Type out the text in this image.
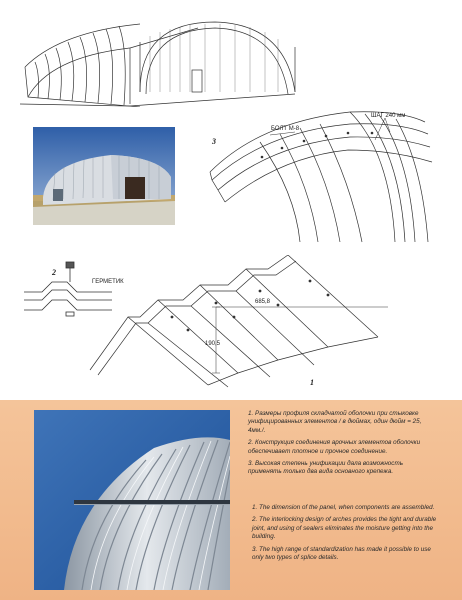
3
БОЛТ М-8
ШАГ 240 мм
2
ГЕРМЕТИК
685,8
190,5
1

1. Размеры профиля складчатой оболочки при стыковке унифицированных элементов / в дюймах, один дюйм = 25, 4мм./.

2. Конструкция соединения арочных элементов оболочки обеспечивает плотное и прочное соединение.

3. Высокая степень унификации дала возможность применять только два вида основного крепежа.

1. The dimension of the panel, when components are assembled.

2. The interlocking design of arches provides the tight and durable joint, and using of sealers eliminates the moisture getting into the building.

3. The high range of standardization has made it possible to use only two types of splice details.
